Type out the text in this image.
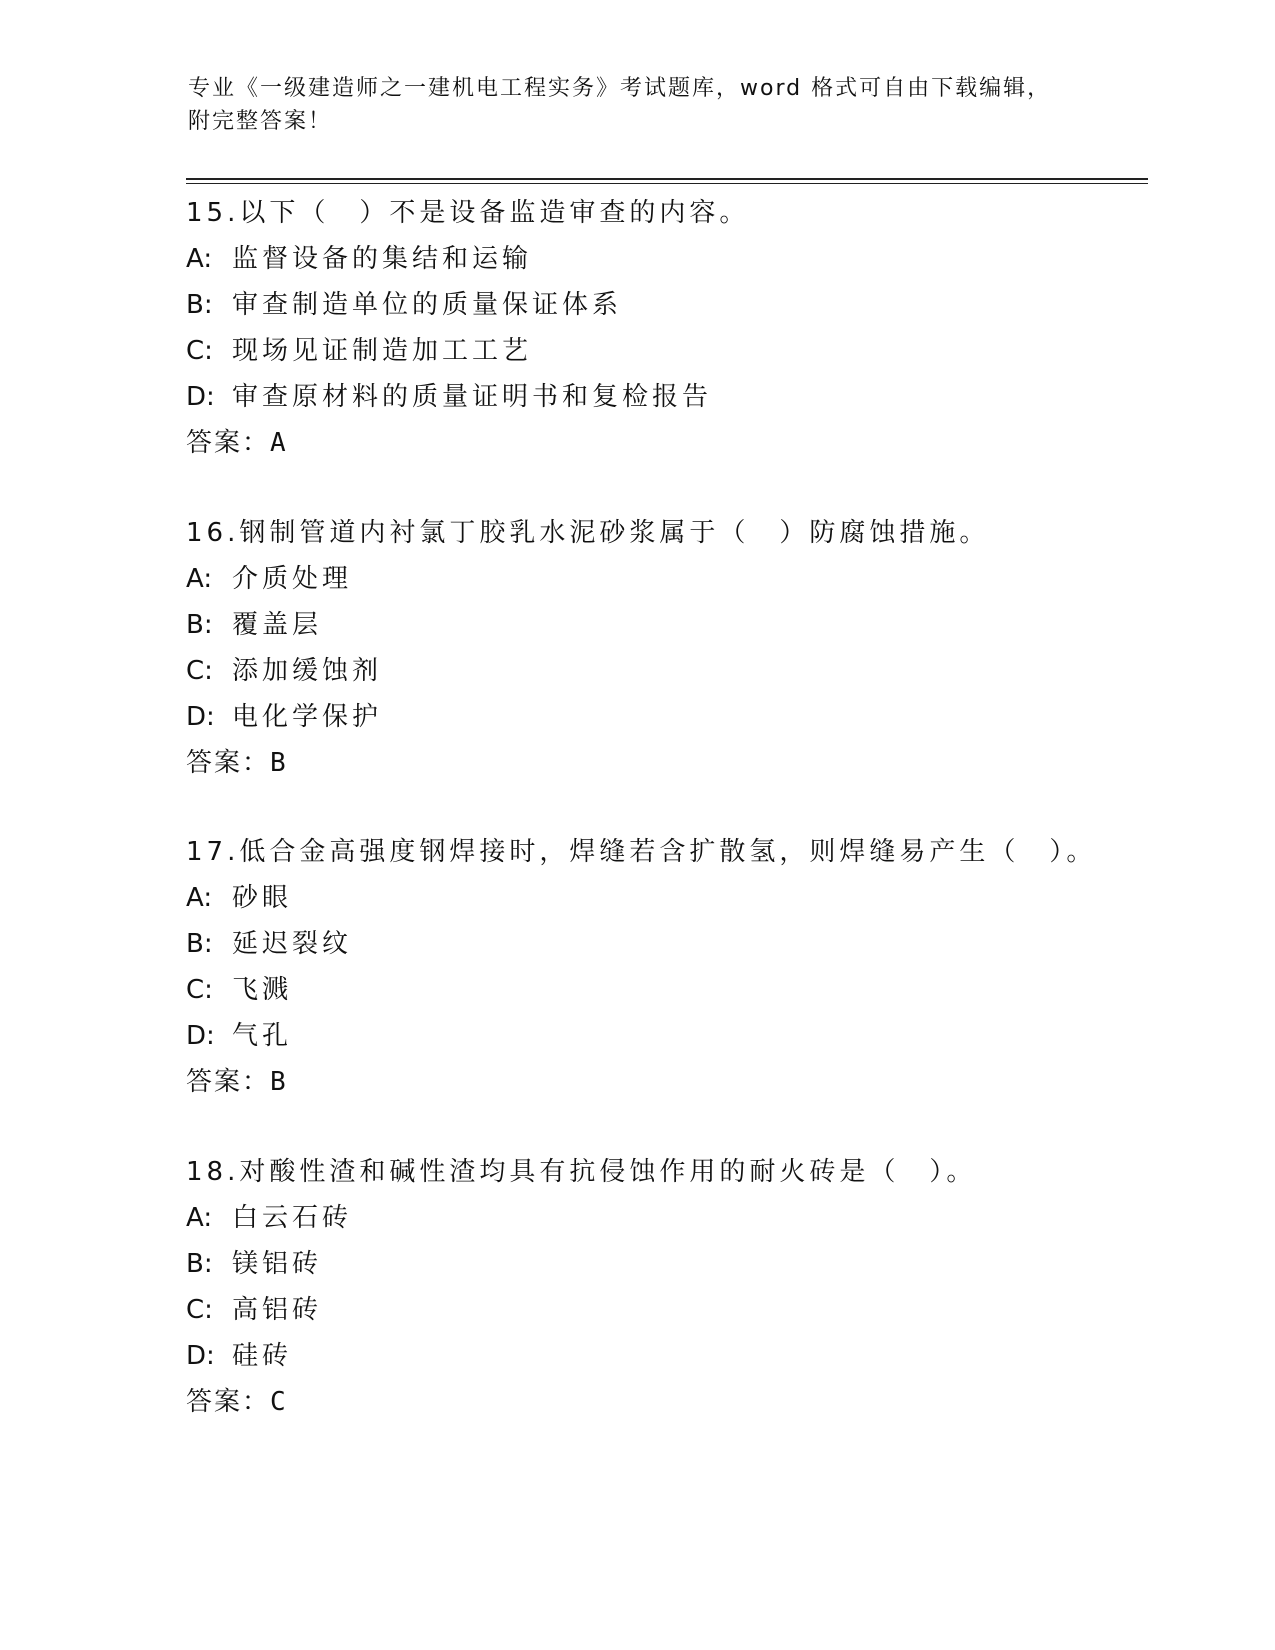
专业《一级建造师之一建机电工程实务》考试题库，word 格式可自由下载编辑，
附完整答案！
15.以下（　）不是设备监造审查的内容。
A: 监督设备的集结和运输
B: 审查制造单位的质量保证体系
C: 现场见证制造加工工艺
D: 审查原材料的质量证明书和复检报告
答案：A
16.钢制管道内衬氯丁胶乳水泥砂浆属于（　）防腐蚀措施。
A: 介质处理
B: 覆盖层
C: 添加缓蚀剂
D: 电化学保护
答案：B
17.低合金高强度钢焊接时，焊缝若含扩散氢，则焊缝易产生（　）。
A: 砂眼
B: 延迟裂纹
C: 飞溅
D: 气孔
答案：B
18.对酸性渣和碱性渣均具有抗侵蚀作用的耐火砖是（　）。
A: 白云石砖
B: 镁铝砖
C: 高铝砖
D: 硅砖
答案：C
